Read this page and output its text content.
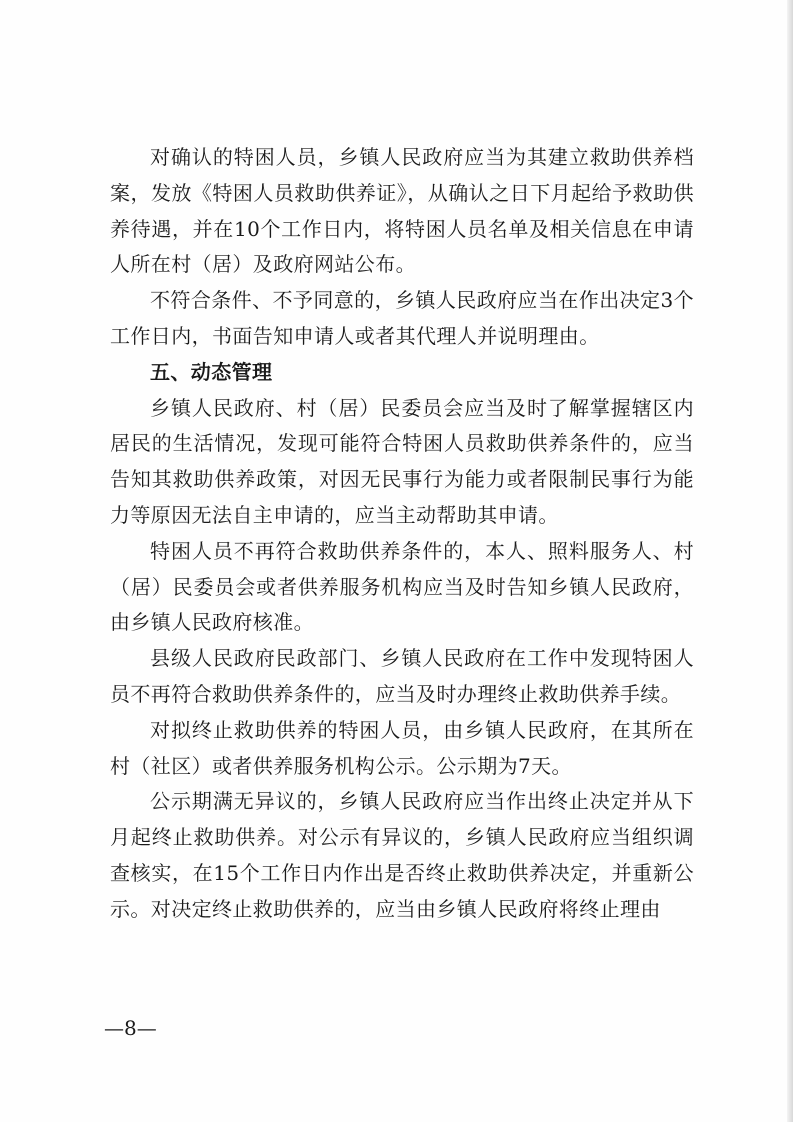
对确认的特困人员，乡镇人民政府应当为其建立救助供养档案，发放《特困人员救助供养证》，从确认之日下月起给予救助供养待遇，并在10个工作日内，将特困人员名单及相关信息在申请人所在村（居）及政府网站公布。

不符合条件、不予同意的，乡镇人民政府应当在作出决定3个工作日内，书面告知申请人或者其代理人并说明理由。

五、动态管理

乡镇人民政府、村（居）民委员会应当及时了解掌握辖区内居民的生活情况，发现可能符合特困人员救助供养条件的，应当告知其救助供养政策，对因无民事行为能力或者限制民事行为能力等原因无法自主申请的，应当主动帮助其申请。

特困人员不再符合救助供养条件的，本人、照料服务人、村（居）民委员会或者供养服务机构应当及时告知乡镇人民政府，由乡镇人民政府核准。

县级人民政府民政部门、乡镇人民政府在工作中发现特困人员不再符合救助供养条件的，应当及时办理终止救助供养手续。

对拟终止救助供养的特困人员，由乡镇人民政府，在其所在村（社区）或者供养服务机构公示。公示期为7天。

公示期满无异议的，乡镇人民政府应当作出终止决定并从下月起终止救助供养。对公示有异议的，乡镇人民政府应当组织调查核实，在15个工作日内作出是否终止救助供养决定，并重新公示。对决定终止救助供养的，应当由乡镇人民政府将终止理由

—8—
